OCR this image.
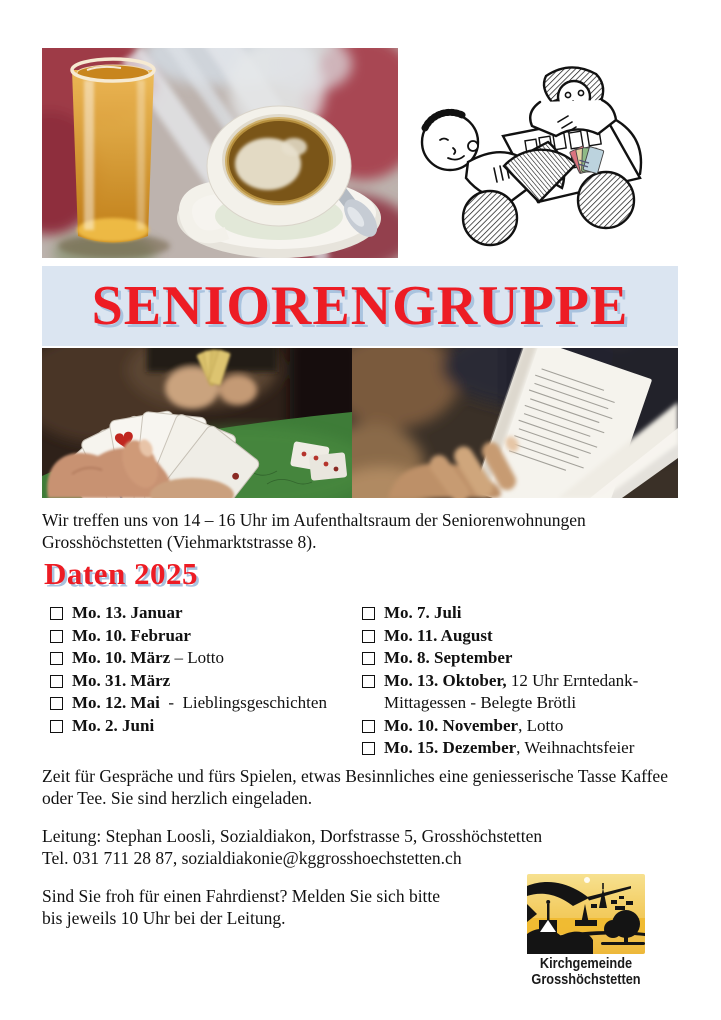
SENIORENGRUPPE
Wir treffen uns von 14 – 16 Uhr im Aufenthaltsraum der Seniorenwohnungen
Grosshöchstetten (Viehmarktstrasse 8).
Daten 2025
Mo. 13. Januar
Mo. 10. Februar
Mo. 10. März – Lotto
Mo. 31. März
Mo. 12. Mai  -  Lieblingsgeschichten
Mo. 2. Juni
Mo. 7. Juli
Mo. 11. August
Mo. 8. September
Mo. 13. Oktober, 12 Uhr Erntedank-Mittagessen - Belegte Brötli
Mo. 10. November, Lotto
Mo. 15. Dezember, Weihnachtsfeier
Zeit für Gespräche und fürs Spielen, etwas Besinnliches eine geniesserische Tasse Kaffee
oder Tee. Sie sind herzlich eingeladen.
Leitung: Stephan Loosli, Sozialdiakon, Dorfstrasse 5, Grosshöchstetten
Tel. 031 711 28 87, sozialdiakonie@kggrosshoechstetten.ch
Sind Sie froh für einen Fahrdienst? Melden Sie sich bitte
bis jeweils 10 Uhr bei der Leitung.
Kirchgemeinde Grosshöchstetten
